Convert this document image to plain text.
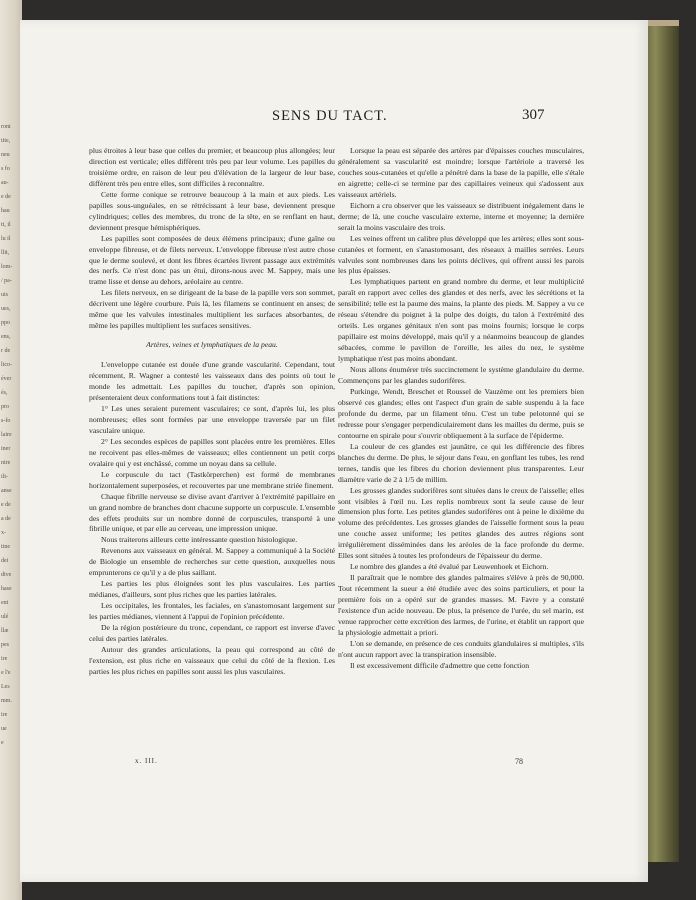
ront
tite,
neu
s fo
au-
e de
hau
tt, il
lu il
llit,
lom-
/ pa-
uis
ues,
ppo
ens,
r de
lico-
éver
és,
pro
s-fo
laire
iner
nire
ilt-
anse
e de
a de
x-
tine
dei
dive
hase
ent
ulé
llæ
pes
ire
e l'e
Les
mm.
ire
ue
e
SENS DU TACT.	307

plus étroites à leur base que celles du premier, et beaucoup plus allongées; leur direction est verticale; elles diffèrent très peu par leur volume. Les papilles du troisième ordre, en raison de leur peu d'élévation de la largeur de leur base, diffèrent très peu entre elles, sont difficiles à reconnaître.

Cette forme conique se retrouve beaucoup à la main et aux pieds. Les papilles sous-unguéales, en se rétrécissant à leur base, deviennent presque cylindriques; celles des membres, du tronc de la tête, en se renflant en haut, deviennent presque hémisphériques.

Les papilles sont composées de deux élémens principaux; d'une gaîne ou enveloppe fibreuse, et de filets nerveux. L'enveloppe fibreuse n'est autre chose que le derme soulevé, et dont les fibres écartées livrent passage aux extrémités des nerfs. Ce n'est donc pas un étui, dirons-nous avec M. Sappey, mais une trame lisse et dense au dehors, aréolaire au centre.

Les filets nerveux, en se dirigeant de la base de la papille vers son sommet, décrivent une légère courbure. Puis là, les filamens se continuent en anses; de même que les valvules intestinales multiplient les surfaces absorbantes, de même les papilles multiplient les surfaces sensitives.

Artères, veines et lymphatiques de la peau.

L'enveloppe cutanée est douée d'une grande vascularité. Cependant, tout récemment, R. Wagner a contesté les vaisseaux dans des points où tout le monde les admettait. Les papilles du toucher, d'après son opinion, présenteraient deux conformations tout à fait distinctes:

1° Les unes seraient purement vasculaires; ce sont, d'après lui, les plus nombreuses; elles sont formées par une enveloppe traversée par un filet vasculaire unique.

2° Les secondes espèces de papilles sont placées entre les premières. Elles ne recoivent pas elles-mêmes de vaisseaux; elles contiennent un petit corps ovalaire qui y est enchâssé, comme un noyau dans sa cellule.

Le corpuscule du tact (Tastkörperchen) est formé de membranes horizontalement superposées, et recouvertes par une membrane striée finement.

Chaque fibrille nerveuse se divise avant d'arriver à l'extrémité papillaire en un grand nombre de branches dont chacune supporte un corpuscule. L'ensemble des effets produits sur un nombre donné de corpuscules, transporté à une fibrille unique, et par elle au cerveau, une impression unique.

Nous traiterons ailleurs cette intéressante question histologique.

Revenons aux vaisseaux en général. M. Sappey a communiqué à la Société de Biologie un ensemble de recherches sur cette question, auxquelles nous emprunterons ce qu'il y a de plus saillant.

Les parties les plus éloignées sont les plus vasculaires. Les parties médianes, d'ailleurs, sont plus riches que les parties latérales.

Les occipitales, les frontales, les faciales, en s'anastomosant largement sur les parties médianes, viennent à l'appui de l'opinion précédente.

De la région postérieure du tronc, cependant, ce rapport est inverse d'avec celui des parties latérales.

Autour des grandes articulations, la peau qui correspond au côté de l'extension, est plus riche en vaisseaux que celui du côté de la flexion. Les parties les plus riches en papilles sont aussi les plus vasculaires.

Lorsque la peau est séparée des artères par d'épaisses couches musculaires, généralement sa vascularité est moindre; lorsque l'artériole a traversé les couches sous-cutanées et qu'elle a pénétré dans la base de la papille, elle s'étale en aigrette; celle-ci se termine par des capillaires veineux qui s'adossent aux vaisseaux artériels.

Eichorn a cru observer que les vaisseaux se distribuent inégalement dans le derme; de là, une couche vasculaire externe, interne et moyenne; la dernière serait la moins vasculaire des trois.

Les veines offrent un calibre plus développé que les artères; elles sont sous-cutanées et forment, en s'anastomosant, des réseaux à mailles serrées. Leurs valvules sont nombreuses dans les points déclives, qui offrent aussi les parois les plus épaisses.

Les lymphatiques partent en grand nombre du derme, et leur multiplicité paraît en rapport avec celles des glandes et des nerfs, avec les sécrétions et la sensibilité; telle est la paume des mains, la plante des pieds. M. Sappey a vu ce réseau s'étendre du poignet à la pulpe des doigts, du talon à l'extrémité des orteils. Les organes génitaux n'en sont pas moins fournis; lorsque le corps papillaire est moins développé, mais qu'il y a néanmoins beaucoup de glandes sébacées, comme le pavillon de l'oreille, les ailes du nez, le système lymphatique n'est pas moins abondant.

Nous allons énumérer très succinctement le système glandulaire du derme. Commençons par les glandes sudorifères.

Purkinge, Wendt, Breschet et Roussel de Vauzème ont les premiers bien observé ces glandes; elles ont l'aspect d'un grain de sable suspendu à la face profonde du derme, par un filament ténu. C'est un tube pelotonné qui se redresse pour s'engager perpendiculairement dans les mailles du derme, puis se contourne en spirale pour s'ouvrir obliquement à la surface de l'épiderme.

La couleur de ces glandes est jaunâtre, ce qui les différencie des fibres blanches du derme. De plus, le séjour dans l'eau, en gonflant les tubes, les rend ternes, tandis que les fibres du chorion deviennent plus transparentes. Leur diamètre varie de 2 à 1/5 de millim.

Les grosses glandes sudorifères sont situées dans le creux de l'aisselle; elles sont visibles à l'œil nu. Les replis nombreux sont la seule cause de leur dimension plus forte. Les petites glandes sudorifères ont à peine le dixième du volume des précédentes. Les grosses glandes de l'aisselle forment sous la peau une couche assez uniforme; les petites glandes des autres régions sont irrégulièrement disséminées dans les aréoles de la face profonde du derme. Elles sont situées à toutes les profondeurs de l'épaisseur du derme.

Le nombre des glandes a été évalué par Leuwenhoek et Eichorn.

Il paraîtrait que le nombre des glandes palmaires s'élève à près de 90,000. Tout récemment la sueur a été étudiée avec des soins particuliers, et pour la première fois on a opéré sur de grandes masses. M. Favre y a constaté l'existence d'un acide nouveau. De plus, la présence de l'urée, du sel marin, est venue rapprocher cette excrétion des larmes, de l'urine, et établit un rapport que la physiologie admettait a priori.

L'on se demande, en présence de ces conduits glandulaires si multiples, s'ils n'ont aucun rapport avec la transpiration insensible.

Il est excessivement difficile d'admettre que cette fonction

x. III.	78
